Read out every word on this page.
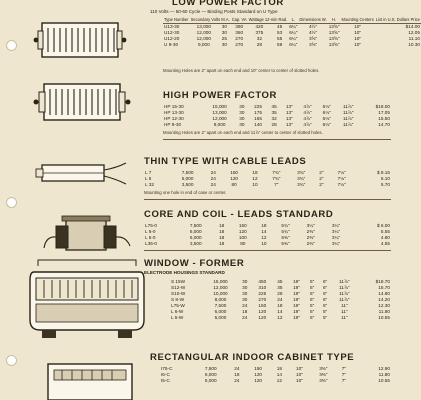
LOW POWER FACTOR
110 Volts — 50-60 Cycle — Binding Posts Standard on U Type
Type Number	Secondary Volts M.A.		Cap. VA	Wattage 12-min Rad.		L.	Dimensions W.	H.	Mounting Centers	List in U.S. Dollars Price
U13-30	13,000	30	390	420	45	6¼"	4½"	13⅝"	10"	$14.00
U12-30	12,000	30	360	375	53	6¼"	4½"	13⅝"	10"	12.05
U12-20	12,000	25	270	32	55	6¼"	3⅝"	13⅝"	10"	11.10
U 9-30	9,000	30	270	28	59	6¼"	3⅝"	13⅝"	10"	10.30
Mounting Holes are 2" apart on each end and 10" center to center of slotted holes.
HIGH POWER FACTOR
HP 15-30	15,000	30	225	45	13"	4⅞"	6⅛"	11⅞"	$18.00
HP 13-30	13,000	30	175	35	13"	4⅞"	6⅛"	11⅞"	17.05
HP 12-30	12,000	30	165	32	13"	4⅞"	6⅛"	11⅞"	15.50
HP 9-30	9,000	30	140	28	13"	4⅞"	6⅛"	11⅞"	14.70
Mounting Holes are 2" apart on each end and 11⅞" center to center of slotted holes.
THIN TYPE WITH CABLE LEADS
L 7	7,500	24	150	18	7¾"	3¾"	2"	7⅛"	$ 8.15
L 5	5,000	24	120	12	7¾"	3¾"	2"	7⅛"	6.10
L 32	3,500	24	80	10	7"	3¾"	2"	7⅛"	5.70
Mounting one hole in end of case or center.
CORE AND COIL - LEADS STANDARD
L75-0	7,500	18	150	18	5¾"	3¼"	3¼"		$ 6.00
L 6-0	6,000	18	120	14	5¾"	2⅜"	3¼"		5.55
L 5-0	5,000	18	100	12	5⅜"	2⅜"	3¼"		4.80
L35-0	3,500	18	80	10	5⅜"	2⅜"	3¼"		4.55
WINDOW - FORMER
ELECTRODE HOUSINGS STANDARD
S 15W	15,000	30	450	45	19"	5"	6"	11⅞"	$18.70
S12-W	12,000	30	310	35	19"	5"	6"	11⅞"	15.70
S10-W	10,000	30	225	28	19"	5"	6"	11⅞"	14.80
S 8-W	8,000	30	270	24	19"	5"	6"	11⅞"	14.20
L75-W	7,500	24	150	18	19"	5"	5"	11"	12.30
L 6-W	6,000	18	120	14	19"	5"	5"	11"	11.80
L 5-W	5,000	24	120	12	19"	5"	5"	11"	10.55
RECTANGULAR INDOOR CABINET TYPE
I75-C	7,500	24	150	18	10"	3⅜"	7"		12.90
I6-C	6,000	18	120	14	10"	3⅜"	7"		11.80
I5-C	5,000	24	120	12	10"	3⅜"	7"		10.55
